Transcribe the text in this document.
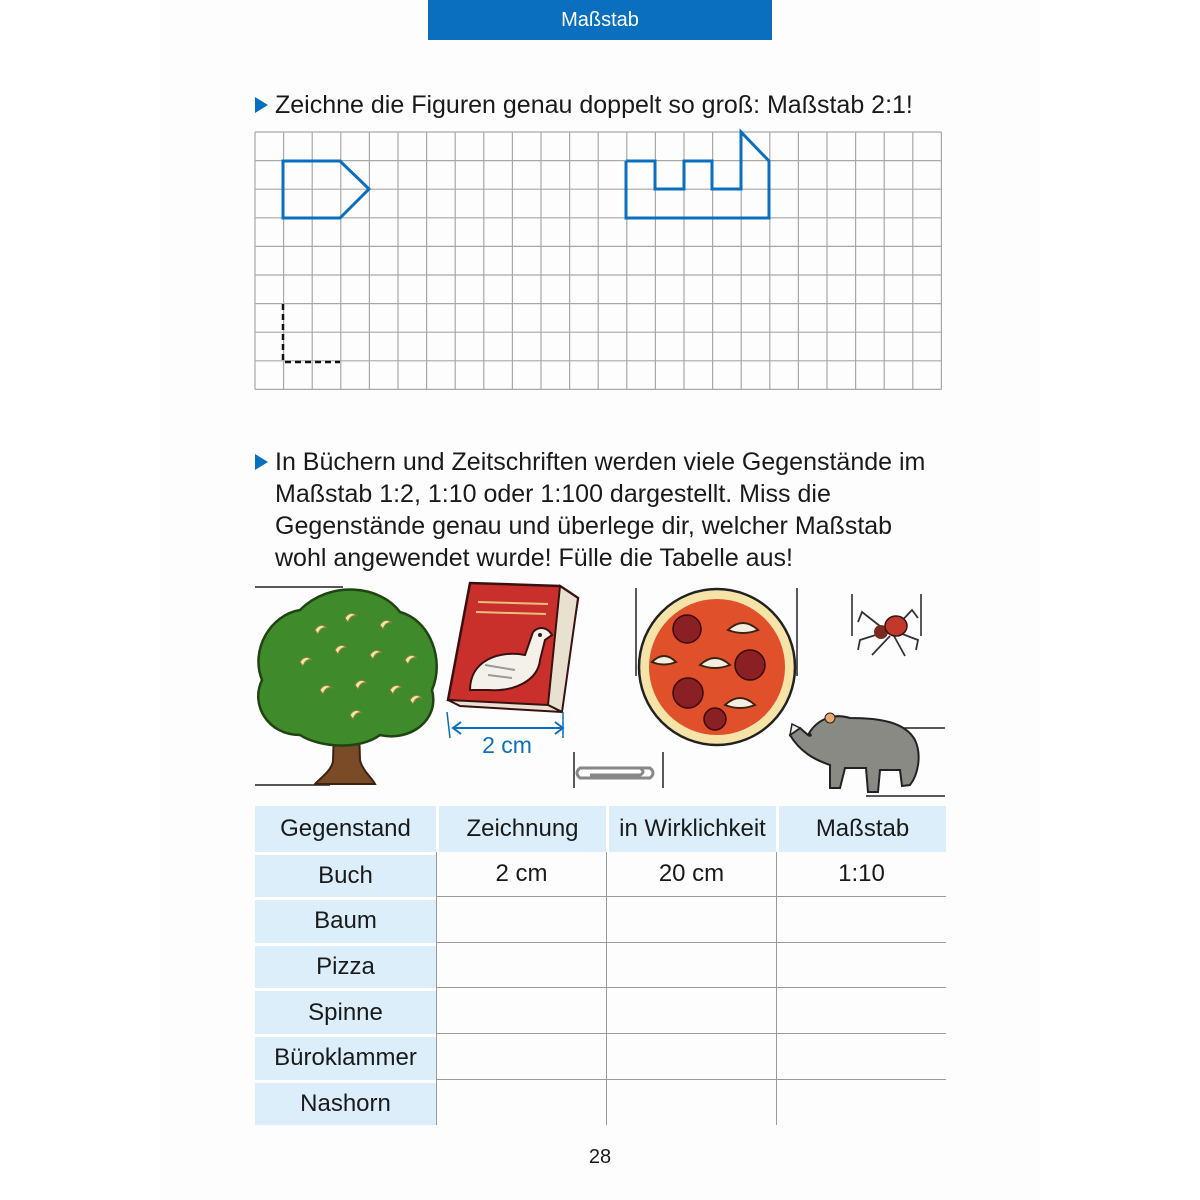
Maßstab
Zeichne die Figuren genau doppelt so groß: Maßstab 2:1!
2 cm
In Büchern und Zeitschriften werden viele Gegenstände im Maßstab 1:2, 1:10 oder 1:100 dargestellt. Miss die Gegenstände genau und überlege dir, welcher Maßstab wohl angewendet wurde! Fülle die Tabelle aus!
Gegenstand	Zeichnung	in Wirklichkeit	Maßstab
Buch	2 cm	20 cm	1:10
Baum			
Pizza			
Spinne			
Büroklammer			
Nashorn			
28
